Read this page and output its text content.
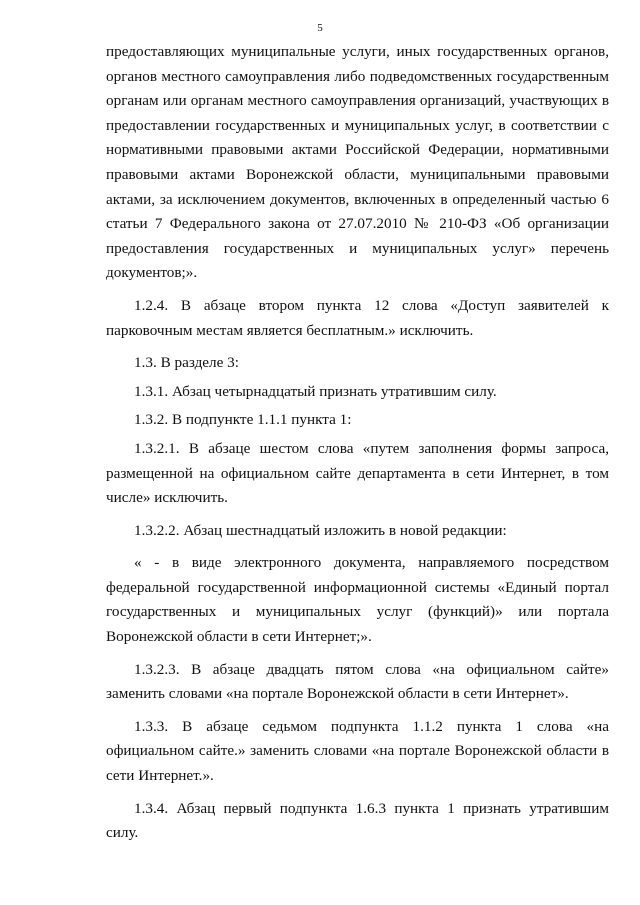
5

предоставляющих муниципальные услуги, иных государственных органов, органов местного самоуправления либо подведомственных государственным органам или органам местного самоуправления организаций, участвующих в предоставлении государственных и муниципальных услуг, в соответствии с нормативными правовыми актами Российской Федерации, нормативными правовыми актами Воронежской области, муниципальными правовыми актами, за исключением документов, включенных в определенный частью 6 статьи 7 Федерального закона от 27.07.2010 № 210-ФЗ «Об организации предоставления государственных и муниципальных услуг» перечень документов;».

1.2.4. В абзаце втором пункта 12 слова «Доступ заявителей к парковочным местам является бесплатным.» исключить.

1.3. В разделе 3:

1.3.1. Абзац четырнадцатый признать утратившим силу.

1.3.2. В подпункте 1.1.1 пункта 1:

1.3.2.1. В абзаце шестом слова «путем заполнения формы запроса, размещенной на официальном сайте департамента в сети Интернет, в том числе» исключить.

1.3.2.2. Абзац шестнадцатый изложить в новой редакции:

« - в виде электронного документа, направляемого посредством федеральной государственной информационной системы «Единый портал государственных и муниципальных услуг (функций)» или портала Воронежской области в сети Интернет;».

1.3.2.3. В абзаце двадцать пятом слова «на официальном сайте» заменить словами «на портале Воронежской области в сети Интернет».

1.3.3. В абзаце седьмом подпункта 1.1.2 пункта 1 слова «на официальном сайте.» заменить словами «на портале Воронежской области в сети Интернет.».

1.3.4. Абзац первый подпункта 1.6.3 пункта 1 признать утратившим силу.
